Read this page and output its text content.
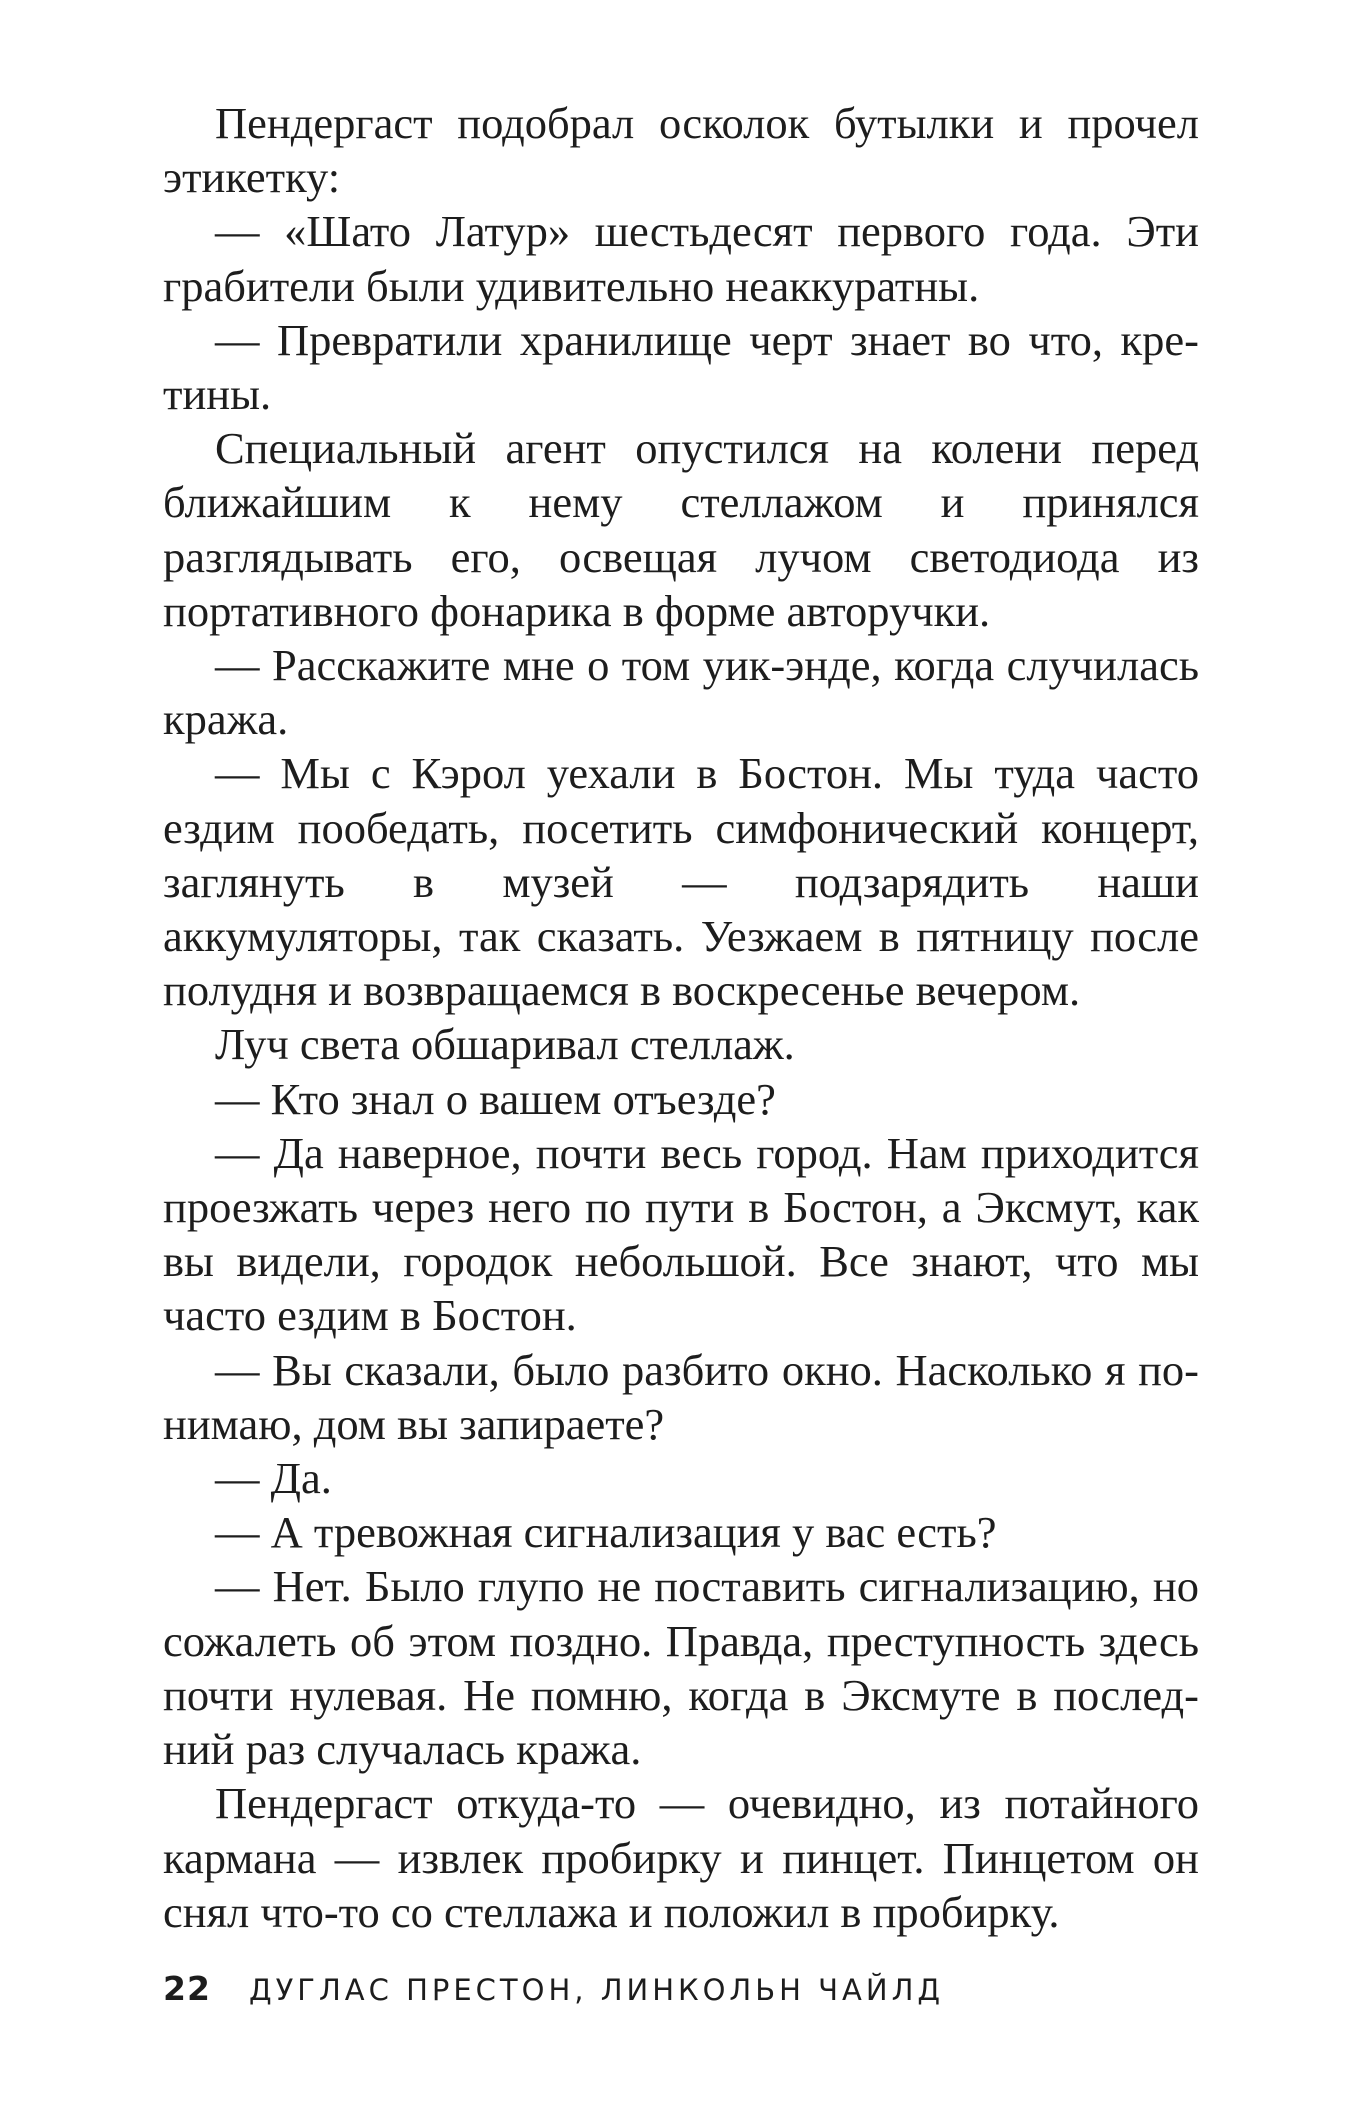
Пендергаст подобрал осколок бутылки и прочел этикетку:

— «Шато Латур» шестьдесят первого года. Эти грабители были удивительно неаккуратны.

— Превратили хранилище черт знает во что, кретины.

Специальный агент опустился на колени перед ближайшим к нему стеллажом и принялся разглядывать его, освещая лучом светодиода из портативного фонарика в форме авторучки.

— Расскажите мне о том уик-энде, когда случилась кража.

— Мы с Кэрол уехали в Бостон. Мы туда часто ездим пообедать, посетить симфонический концерт, заглянуть в музей — подзарядить наши аккумуляторы, так сказать. Уезжаем в пятницу после полудня и возвращаемся в воскресенье вечером.

Луч света обшаривал стеллаж.

— Кто знал о вашем отъезде?

— Да наверное, почти весь город. Нам приходится проезжать через него по пути в Бостон, а Эксмут, как вы видели, городок небольшой. Все знают, что мы часто ездим в Бостон.

— Вы сказали, было разбито окно. Насколько я понимаю, дом вы запираете?

— Да.

— А тревожная сигнализация у вас есть?

— Нет. Было глупо не поставить сигнализацию, но сожалеть об этом поздно. Правда, преступность здесь почти нулевая. Не помню, когда в Эксмуте в последний раз случалась кража.

Пендергаст откуда-то — очевидно, из потайного кармана — извлек пробирку и пинцет. Пинцетом он снял что-то со стеллажа и положил в пробирку.

22 ДУГЛАС ПРЕСТОН, ЛИНКОЛЬН ЧАЙЛД
